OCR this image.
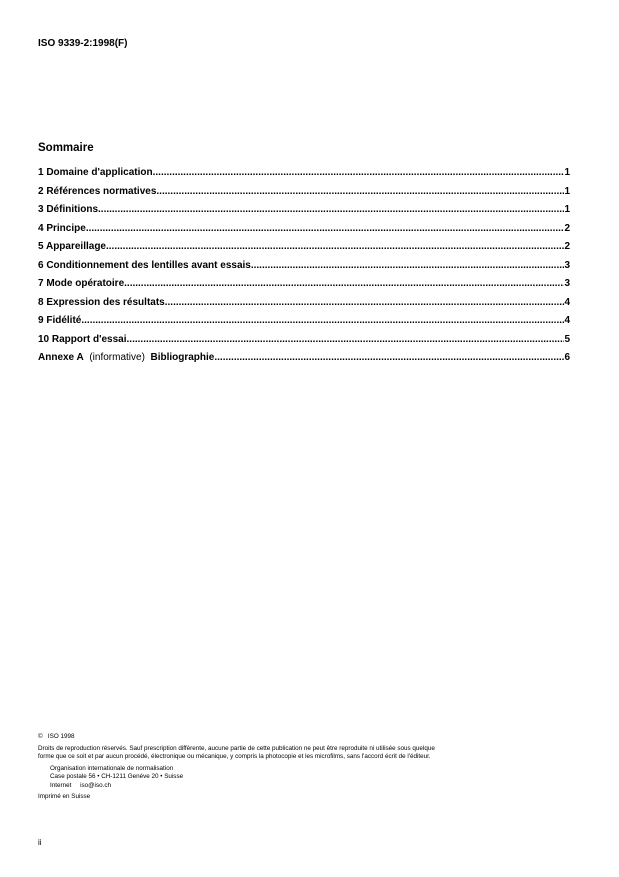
ISO 9339-2:1998(F)
Sommaire
1 Domaine d'application .....	1
2 Références normatives .....	1
3 Définitions .....	1
4 Principe .....	2
5 Appareillage .....	2
6 Conditionnement des lentilles avant essais .....	3
7 Mode opératoire .....	3
8 Expression des résultats .....	4
9 Fidélité .....	4
10 Rapport d'essai .....	5
Annexe A (informative) Bibliographie .....	6
©   ISO 1998
Droits de reproduction réservés. Sauf prescription différente, aucune partie de cette publication ne peut être reproduite ni utilisée sous quelque
forme que ce soit et par aucun procédé, électronique ou mécanique, y compris la photocopie et les microfilms, sans l'accord écrit de l'éditeur.
Organisation internationale de normalisation
Case postale 56 • CH-1211 Genève 20 • Suisse
Internet iso@iso.ch
Imprimé en Suisse
ii
